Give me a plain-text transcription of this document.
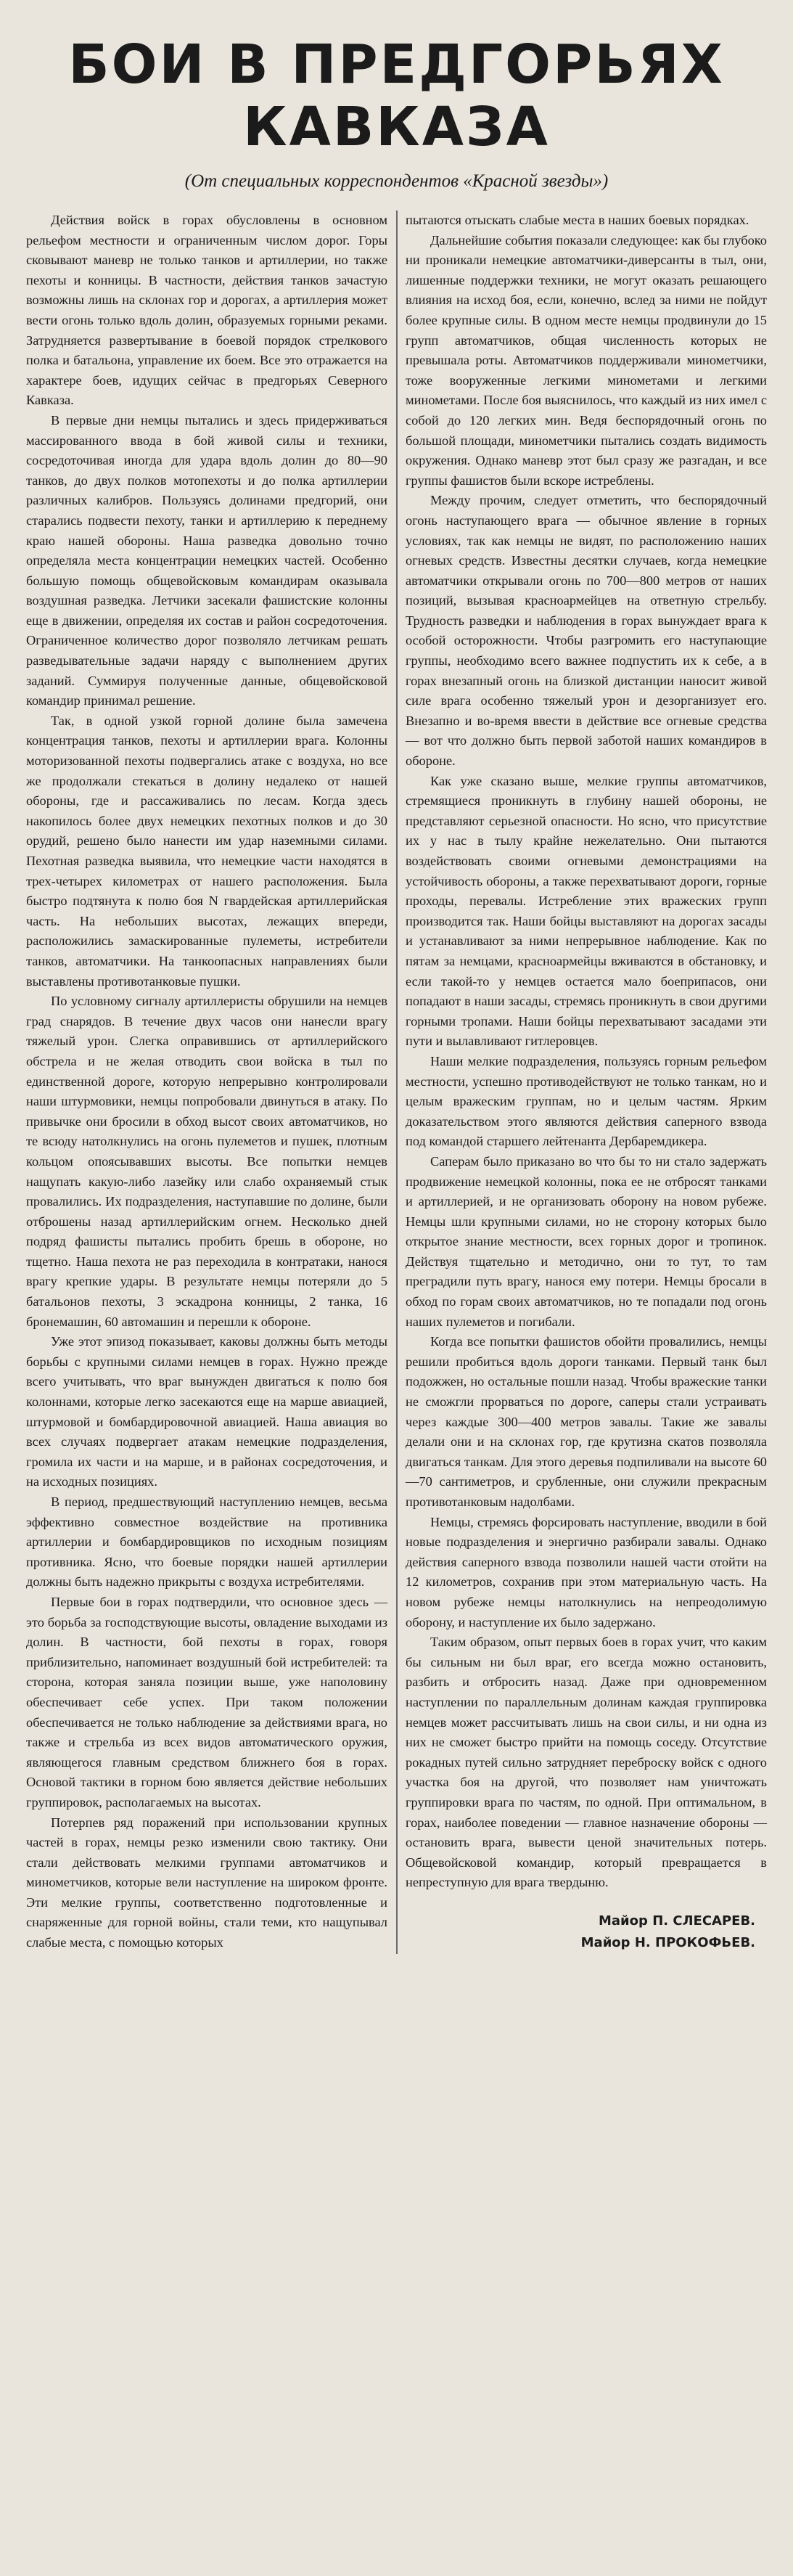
БОИ В ПРЕДГОРЬЯХ
КАВКАЗА
(От специальных корреспондентов «Красной звезды»)

Действия войск в горах обусловлены в основном рельефом местности и ограниченным числом дорог. Горы сковывают маневр не только танков и артиллерии, но также пехоты и конницы. В частности, действия танков зачастую возможны лишь на склонах гор и дорогах, а артиллерия может вести огонь только вдоль долин, образуемых горными реками. Затрудняется развертывание в боевой порядок стрелкового полка и батальона, управление их боем. Все это отражается на характере боев, идущих сейчас в предгорьях Северного Кавказа.

В первые дни немцы пытались и здесь придерживаться массированного ввода в бой живой силы и техники, сосредоточивая иногда для удара вдоль долин до 80—90 танков, до двух полков мотопехоты и до полка артиллерии различных калибров. Пользуясь долинами предгорий, они старались подвести пехоту, танки и артиллерию к переднему краю нашей обороны. Наша разведка довольно точно определяла места концентрации немецких частей. Особенно большую помощь общевойсковым командирам оказывала воздушная разведка. Летчики засекали фашистские колонны еще в движении, определяя их состав и район сосредоточения. Ограниченное количество дорог позволяло летчикам решать разведывательные задачи наряду с выполнением других заданий. Суммируя полученные данные, общевойсковой командир принимал решение.

Так, в одной узкой горной долине была замечена концентрация танков, пехоты и артиллерии врага. Колонны моторизованной пехоты подвергались атаке с воздуха, но все же продолжали стекаться в долину недалеко от нашей обороны, где и рассаживались по лесам. Когда здесь накопилось более двух немецких пехотных полков и до 30 орудий, решено было нанести им удар наземными силами. Пехотная разведка выявила, что немецкие части находятся в трех-четырех километрах от нашего расположения. Была быстро подтянута к полю боя N гвардейская артиллерийская часть. На небольших высотах, лежащих впереди, расположились замаскированные пулеметы, истребители танков, автоматчики. На танкоопасных направлениях были выставлены противотанковые пушки.

По условному сигналу артиллеристы обрушили на немцев град снарядов. В течение двух часов они нанесли врагу тяжелый урон. Слегка оправившись от артиллерийского обстрела и не желая отводить свои войска в тыл по единственной дороге, которую непрерывно контролировали наши штурмовики, немцы попробовали двинуться в атаку. По привычке они бросили в обход высот своих автоматчиков, но те всюду натолкнулись на огонь пулеметов и пушек, плотным кольцом опоясывавших высоты. Все попытки немцев нащупать какую-либо лазейку или слабо охраняемый стык провалились. Их подразделения, наступавшие по долине, были отброшены назад артиллерийским огнем. Несколько дней подряд фашисты пытались пробить брешь в обороне, но тщетно. Наша пехота не раз переходила в контратаки, нанося врагу крепкие удары. В результате немцы потеряли до 5 батальонов пехоты, 3 эскадрона конницы, 2 танка, 16 бронемашин, 60 автомашин и перешли к обороне.

Уже этот эпизод показывает, каковы должны быть методы борьбы с крупными силами немцев в горах. Нужно прежде всего учитывать, что враг вынужден двигаться к полю боя колоннами, которые легко засекаются еще на марше авиацией, штурмовой и бомбардировочной авиацией. Наша авиация во всех случаях подвергает атакам немецкие подразделения, громила их части и на марше, и в районах сосредоточения, и на исходных позициях.

В период, предшествующий наступлению немцев, весьма эффективно совместное воздействие на противника артиллерии и бомбардировщиков по исходным позициям противника. Ясно, что боевые порядки нашей артиллерии должны быть надежно прикрыты с воздуха истребителями.

Первые бои в горах подтвердили, что основное здесь — это борьба за господствующие высоты, овладение выходами из долин. В частности, бой пехоты в горах, говоря приблизительно, напоминает воздушный бой истребителей: та сторона, которая заняла позиции выше, уже наполовину обеспечивает себе успех. При таком положении обеспечивается не только наблюдение за действиями врага, но также и стрельба из всех видов автоматического оружия, являющегося главным средством ближнего боя в горах. Основой тактики в горном бою является действие небольших группировок, располагаемых на высотах.

Потерпев ряд поражений при использовании крупных частей в горах, немцы резко изменили свою тактику. Они стали действовать мелкими группами автоматчиков и минометчиков, которые вели наступление на широком фронте. Эти мелкие группы, соответственно подготовленные и снаряженные для горной войны, стали теми, кто нащупывал слабые места, с помощью которых

пытаются отыскать слабые места в наших боевых порядках.

Дальнейшие события показали следующее: как бы глубоко ни проникали немецкие автоматчики-диверсанты в тыл, они, лишенные поддержки техники, не могут оказать решающего влияния на исход боя, если, конечно, вслед за ними не пойдут более крупные силы. В одном месте немцы продвинули до 15 групп автоматчиков, общая численность которых не превышала роты. Автоматчиков поддерживали минометчики, тоже вооруженные легкими минометами и легкими минометами. После боя выяснилось, что каждый из них имел с собой до 120 легких мин. Ведя беспорядочный огонь по большой площади, минометчики пытались создать видимость окружения. Однако маневр этот был сразу же разгадан, и все группы фашистов были вскоре истреблены.

Между прочим, следует отметить, что беспорядочный огонь наступающего врага — обычное явление в горных условиях, так как немцы не видят, по расположению наших огневых средств. Известны десятки случаев, когда немецкие автоматчики открывали огонь по 700—800 метров от наших позиций, вызывая красноармейцев на ответную стрельбу. Трудность разведки и наблюдения в горах вынуждает врага к особой осторожности. Чтобы разгромить его наступающие группы, необходимо всего важнее подпустить их к себе, а в горах внезапный огонь на близкой дистанции наносит живой силе врага особенно тяжелый урон и дезорганизует его. Внезапно и во-время ввести в действие все огневые средства — вот что должно быть первой заботой наших командиров в обороне.

Как уже сказано выше, мелкие группы автоматчиков, стремящиеся проникнуть в глубину нашей обороны, не представляют серьезной опасности. Но ясно, что присутствие их у нас в тылу крайне нежелательно. Они пытаются воздействовать своими огневыми демонстрациями на устойчивость обороны, а также перехватывают дороги, горные проходы, перевалы. Истребление этих вражеских групп производится так. Наши бойцы выставляют на дорогах засады и устанавливают за ними непрерывное наблюдение. Как по пятам за немцами, красноармейцы вживаются в обстановку, и если такой-то у немцев остается мало боеприпасов, они попадают в наши засады, стремясь проникнуть в свои другими горными тропами. Наши бойцы перехватывают засадами эти пути и вылавливают гитлеровцев.

Наши мелкие подразделения, пользуясь горным рельефом местности, успешно противодействуют не только танкам, но и целым вражеским группам, но и целым частям. Ярким доказательством этого являются действия саперного взвода под командой старшего лейтенанта Дербаремдикера.

Саперам было приказано во что бы то ни стало задержать продвижение немецкой колонны, пока ее не отбросят танками и артиллерией, и не организовать оборону на новом рубеже. Немцы шли крупными силами, но не сторону которых было открытое знание местности, всех горных дорог и тропинок. Действуя тщательно и методично, они то тут, то там преградили путь врагу, нанося ему потери. Немцы бросали в обход по горам своих автоматчиков, но те попадали под огонь наших пулеметов и погибали.

Когда все попытки фашистов обойти провалились, немцы решили пробиться вдоль дороги танками. Первый танк был подожжен, но остальные пошли назад. Чтобы вражеские танки не сможгли прорваться по дороге, саперы стали устраивать через каждые 300—400 метров завалы. Такие же завалы делали они и на склонах гор, где крутизна скатов позволяла двигаться танкам. Для этого деревья подпиливали на высоте 60—70 сантиметров, и срубленные, они служили прекрасным противотанковым надолбами.

Немцы, стремясь форсировать наступление, вводили в бой новые подразделения и энергично разбирали завалы. Однако действия саперного взвода позволили нашей части отойти на 12 километров, сохранив при этом материальную часть. На новом рубеже немцы натолкнулись на непреодолимую оборону, и наступление их было задержано.

Таким образом, опыт первых боев в горах учит, что каким бы сильным ни был враг, его всегда можно остановить, разбить и отбросить назад. Даже при одновременном наступлении по параллельным долинам каждая группировка немцев может рассчитывать лишь на свои силы, и ни одна из них не сможет быстро прийти на помощь соседу. Отсутствие рокадных путей сильно затрудняет переброску войск с одного участка боя на другой, что позволяет нам уничтожать группировки врага по частям, по одной. При оптимальном, в горах, наиболее поведении — главное назначение обороны — остановить врага, вывести ценой значительных потерь. Общевойсковой командир, который превращается в непреступную для врага твердыню.

Майор П. СЛЕСАРЕВ.
Майор Н. ПРОКОФЬЕВ.
